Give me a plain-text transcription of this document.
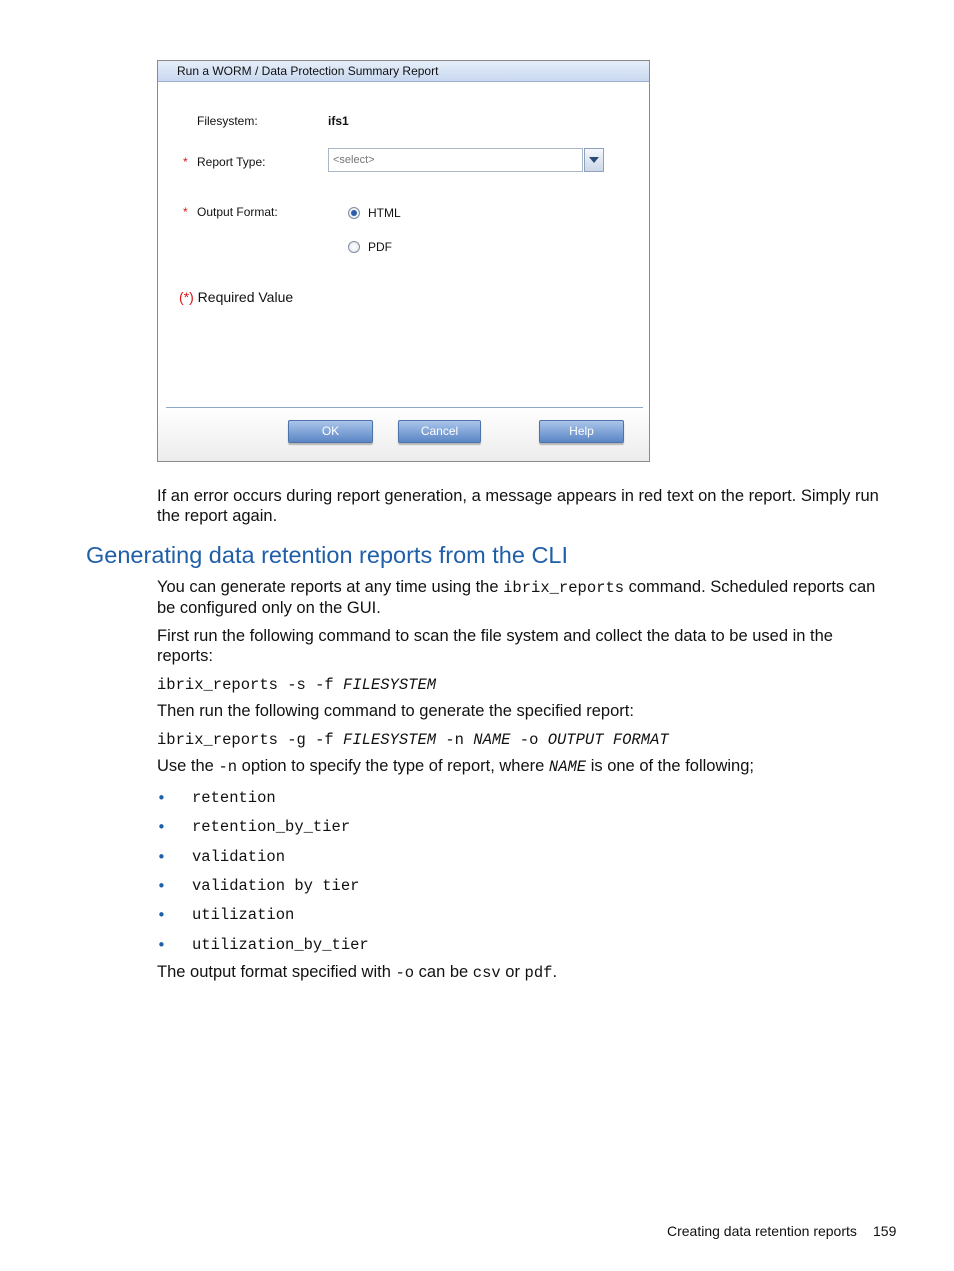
Run a WORM / Data Protection Summary Report
Filesystem:	ifs1
* Report Type:	<select>
* Output Format:	HTML
PDF
(*) Required Value
OK	Cancel	Help
If an error occurs during report generation, a message appears in red text on the report. Simply run the report again.
Generating data retention reports from the CLI
You can generate reports at any time using the ibrix_reports command. Scheduled reports can be configured only on the GUI.
First run the following command to scan the file system and collect the data to be used in the reports:
ibrix_reports -s -f FILESYSTEM
Then run the following command to generate the specified report:
ibrix_reports -g -f FILESYSTEM -n NAME -o OUTPUT FORMAT
Use the -n option to specify the type of report, where NAME is one of the following;
• retention
• retention_by_tier
• validation
• validation by tier
• utilization
• utilization_by_tier
The output format specified with -o can be csv or pdf.
Creating data retention reports 159
